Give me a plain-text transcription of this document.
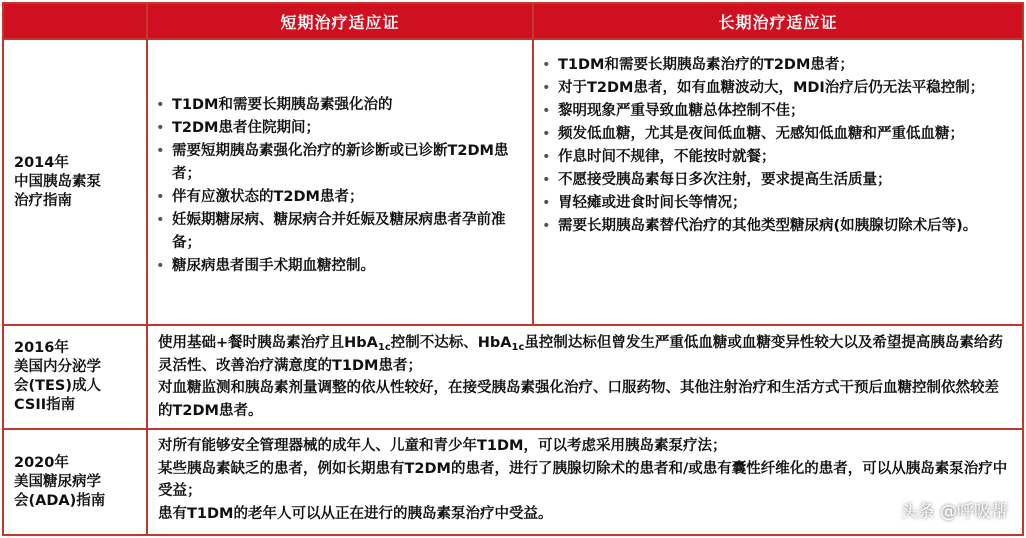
短期治疗适应证	长期治疗适应证
2014年
中国胰岛素泵
治疗指南
• T1DM和需要长期胰岛素强化治的
• T2DM患者住院期间；
• 需要短期胰岛素强化治疗的新诊断或已诊断T2DM患者；
• 伴有应激状态的T2DM患者；
• 妊娠期糖尿病、糖尿病合并妊娠及糖尿病患者孕前准备；
• 糖尿病患者围手术期血糖控制。
• T1DM和需要长期胰岛素治疗的T2DM患者；
• 对于T2DM患者，如有血糖波动大，MDI治疗后仍无法平稳控制；
• 黎明现象严重导致血糖总体控制不佳；
• 频发低血糖，尤其是夜间低血糖、无感知低血糖和严重低血糖；
• 作息时间不规律，不能按时就餐；
• 不愿接受胰岛素每日多次注射，要求提高生活质量；
• 胃轻瘫或进食时间长等情况；
• 需要长期胰岛素替代治疗的其他类型糖尿病(如胰腺切除术后等)。
2016年
美国内分泌学
会(TES)成人
CSII指南

使用基础+餐时胰岛素治疗且HbA$_{1c}$控制不达标、HbA$_{1c}$虽控制达标但曾发生严重低血糖或血糖变异性较大以及希望提高胰岛素给药灵活性、改善治疗满意度的T1DM患者；

对血糖监测和胰岛素剂量调整的依从性较好，在接受胰岛素强化治疗、口服药物、其他注射治疗和生活方式干预后血糖控制依然较差的T2DM患者。

2020年
美国糖尿病学
会(ADA)指南

对所有能够安全管理器械的成年人、儿童和青少年T1DM，可以考虑采用胰岛素泵疗法；

某些胰岛素缺乏的患者，例如长期患有T2DM的患者，进行了胰腺切除术的患者和/或患有囊性纤维化的患者，可以从胰岛素泵治疗中受益；

患有T1DM的老年人可以从正在进行的胰岛素泵治疗中受益。	头条 @呼吸帮
